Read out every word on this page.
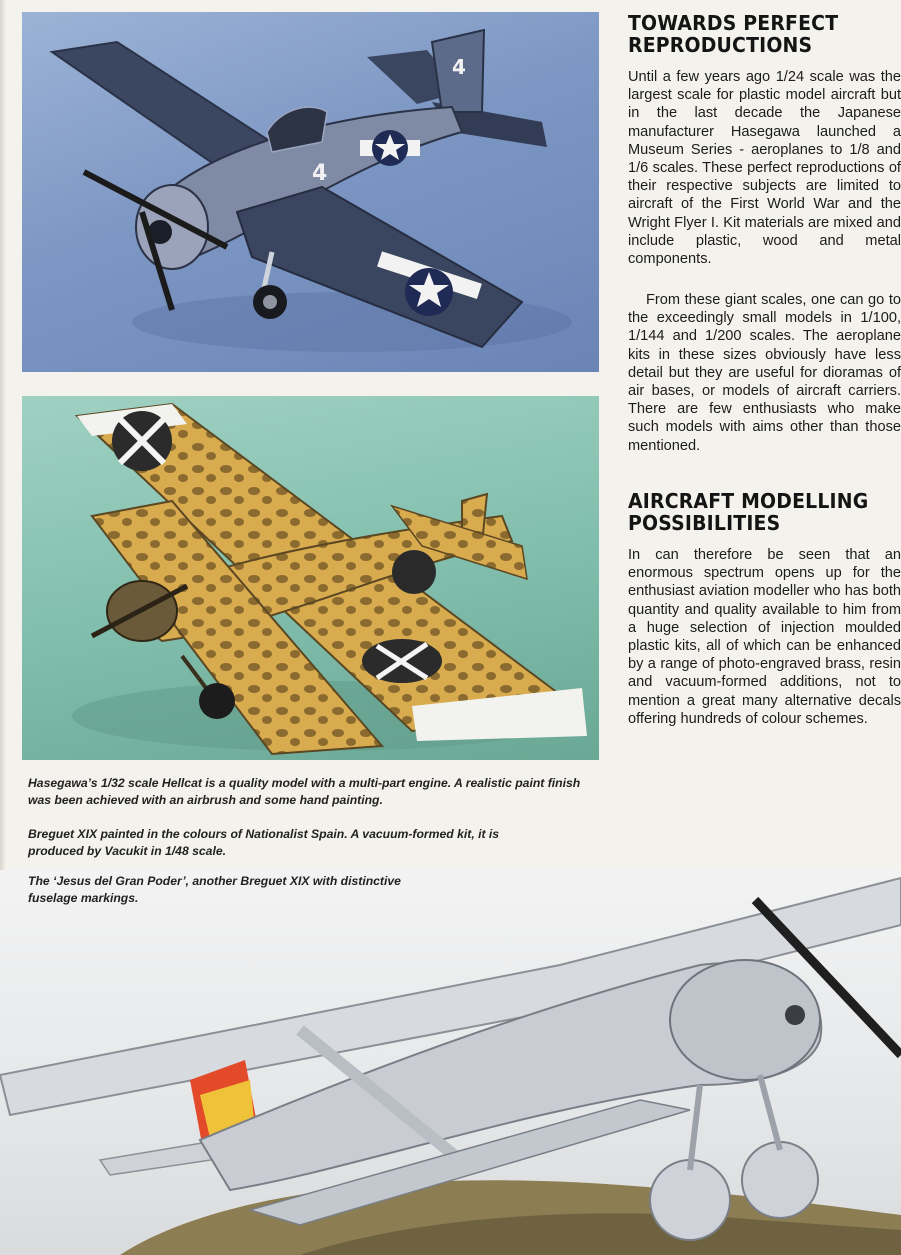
4
4
TOWARDS PERFECT
REPRODUCTIONS

Until a few years ago 1/24 scale was the largest scale for plastic model aircraft but in the last decade the Japanese manufacturer Hasegawa launched a Museum Series - aeroplanes to 1/8 and 1/6 scales. These perfect reproductions of their respective subjects are limited to aircraft of the First World War and the Wright Flyer I. Kit materials are mixed and include plastic, wood and metal components.

From these giant scales, one can go to the exceedingly small models in 1/100, 1/144 and 1/200 scales. The aeroplane kits in these sizes obviously have less detail but they are useful for dioramas of air bases, or models of aircraft carriers. There are few enthusiasts who make such models with aims other than those mentioned.

AIRCRAFT MODELLING
POSSIBILITIES

In can therefore be seen that an enormous spectrum opens up for the enthusiast aviation modeller who has both quantity and quality available to him from a huge selection of injection moulded plastic kits, all of which can be enhanced by a range of photo-engraved brass, resin and vacuum-formed additions, not to mention a great many alternative decals offering hundreds of colour schemes.

Hasegawa’s 1/32 scale Hellcat is a quality model with a multi-part engine. A realistic paint finish was been achieved with an airbrush and some hand painting.

Breguet XIX painted in the colours of Nationalist Spain. A vacuum-formed kit, it is produced by Vacukit in 1/48 scale.

The ‘Jesus del Gran Poder’, another Breguet XIX with distinctive fuselage markings.
